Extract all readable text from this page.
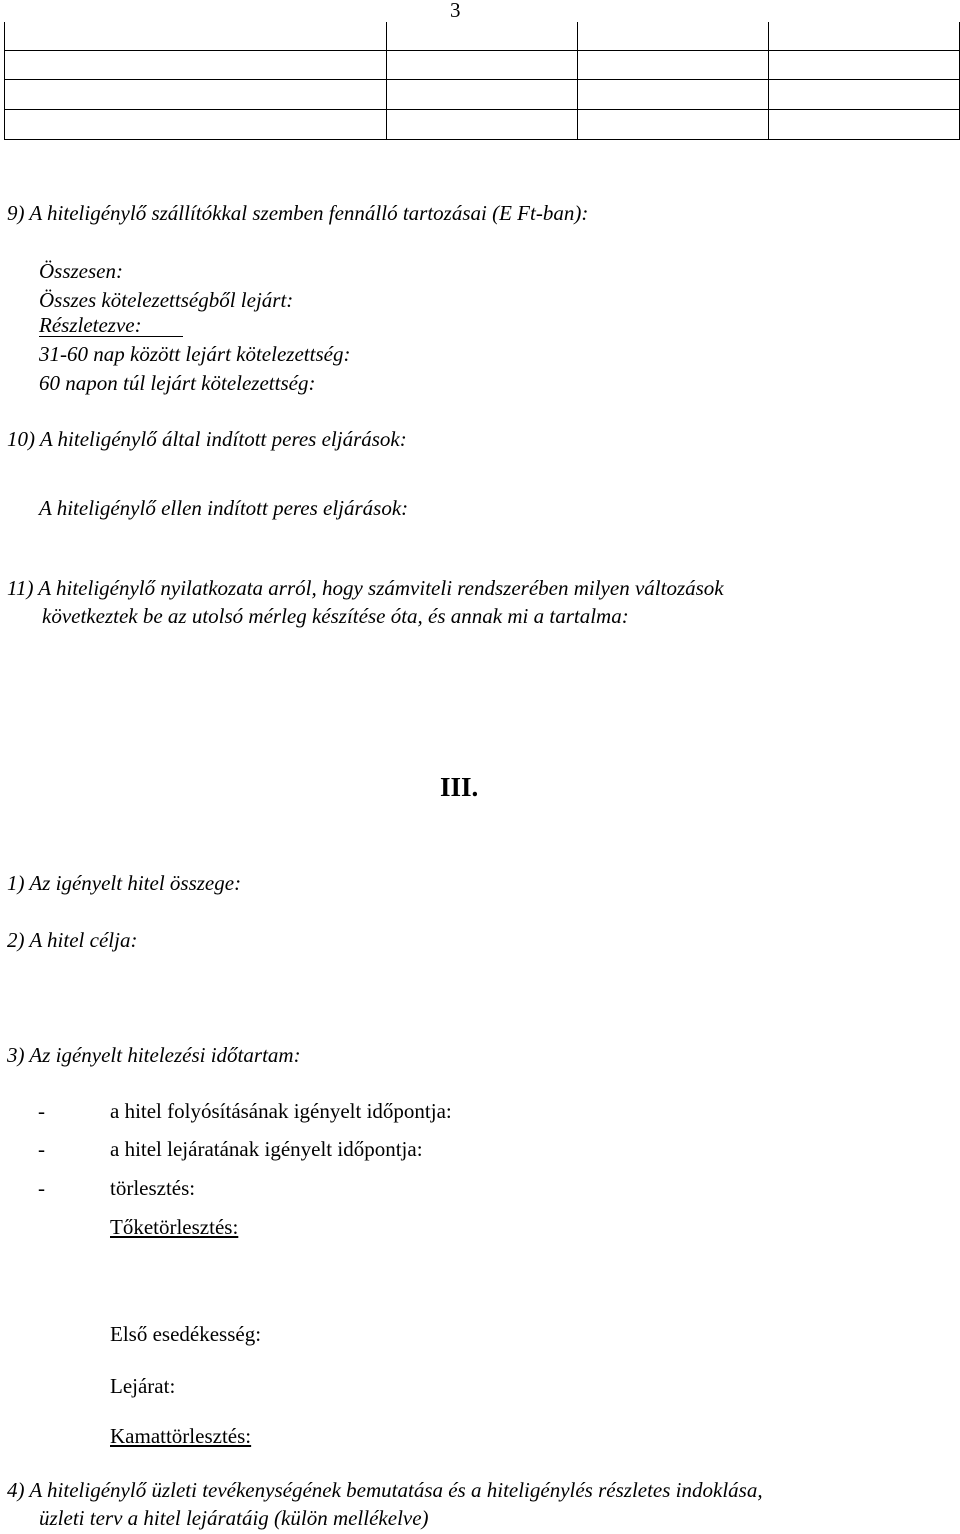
3
9) A hiteligénylő szállítókkal szemben fennálló tartozásai (E Ft-ban):
Összesen:
Összes kötelezettségből lejárt:
Részletezve:
31-60 nap között lejárt kötelezettség:
60 napon túl lejárt kötelezettség:
10) A hiteligénylő által indított peres eljárások:
A hiteligénylő ellen indított peres eljárások:
11) A hiteligénylő nyilatkozata arról, hogy számviteli rendszerében milyen változások
következtek be az utolsó mérleg készítése óta, és annak mi a tartalma:
III.
1) Az igényelt hitel összege:
2) A hitel célja:
3) Az igényelt hitelezési időtartam:
-	a hitel folyósításának igényelt időpontja:
-	a hitel lejáratának igényelt időpontja:
-	törlesztés:
Tőketörlesztés:
Első esedékesség:
Lejárat:
Kamattörlesztés:
4) A hiteligénylő üzleti tevékenységének bemutatása és a hiteligénylés részletes indoklása,
üzleti terv a hitel lejáratáig (külön mellékelve)
